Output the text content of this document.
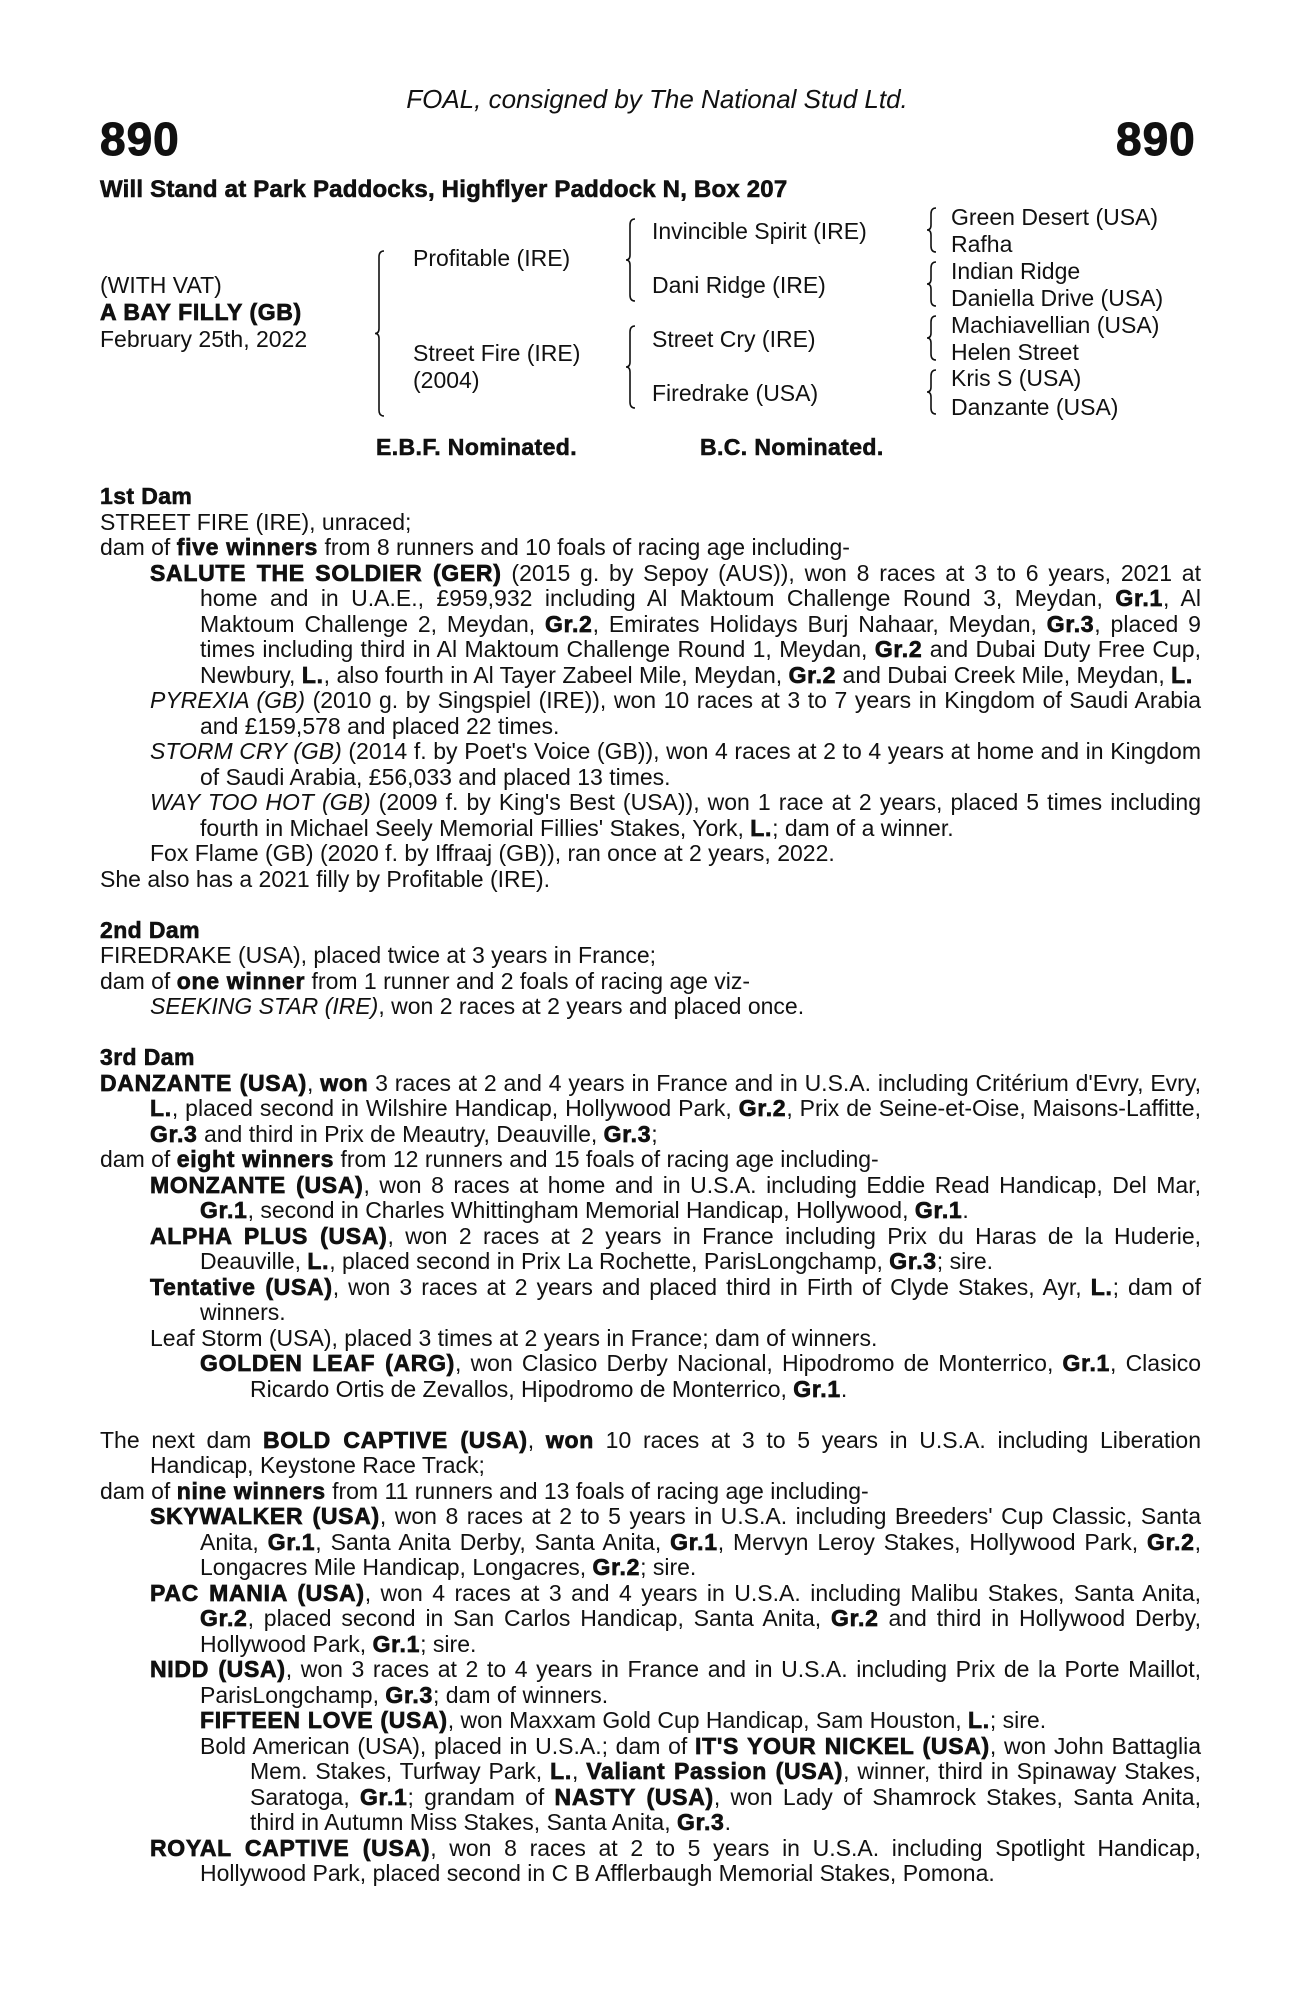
FOAL, consigned by The National Stud Ltd.
890	890
Will Stand at Park Paddocks, Highflyer Paddock N, Box 207
(WITH VAT)
A BAY FILLY (GB)
February 25th, 2022
Profitable (IRE)
Street Fire (IRE)
(2004)
Invincible Spirit (IRE)
Dani Ridge (IRE)
Street Cry (IRE)
Firedrake (USA)
Green Desert (USA)
Rafha
Indian Ridge
Daniella Drive (USA)
Machiavellian (USA)
Helen Street
Kris S (USA)
Danzante (USA)
E.B.F. Nominated.	B.C. Nominated.
1st Dam
STREET FIRE (IRE), unraced;
dam of five winners from 8 runners and 10 foals of racing age including-
SALUTE THE SOLDIER (GER) (2015 g. by Sepoy (AUS)), won 8 races at 3 to 6 years, 2021 at home and in U.A.E., £959,932 including Al Maktoum Challenge Round 3, Meydan, Gr.1, Al Maktoum Challenge 2, Meydan, Gr.2, Emirates Holidays Burj Nahaar, Meydan, Gr.3, placed 9 times including third in Al Maktoum Challenge Round 1, Meydan, Gr.2 and Dubai Duty Free Cup, Newbury, L., also fourth in Al Tayer Zabeel Mile, Meydan, Gr.2 and Dubai Creek Mile, Meydan, L.
PYREXIA (GB) (2010 g. by Singspiel (IRE)), won 10 races at 3 to 7 years in Kingdom of Saudi Arabia and £159,578 and placed 22 times.
STORM CRY (GB) (2014 f. by Poet's Voice (GB)), won 4 races at 2 to 4 years at home and in Kingdom of Saudi Arabia, £56,033 and placed 13 times.
WAY TOO HOT (GB) (2009 f. by King's Best (USA)), won 1 race at 2 years, placed 5 times including fourth in Michael Seely Memorial Fillies' Stakes, York, L.; dam of a winner.
Fox Flame (GB) (2020 f. by Iffraaj (GB)), ran once at 2 years, 2022.
She also has a 2021 filly by Profitable (IRE).
2nd Dam
FIREDRAKE (USA), placed twice at 3 years in France;
dam of one winner from 1 runner and 2 foals of racing age viz-
SEEKING STAR (IRE), won 2 races at 2 years and placed once.
3rd Dam
DANZANTE (USA), won 3 races at 2 and 4 years in France and in U.S.A. including Critérium d'Evry, Evry, L., placed second in Wilshire Handicap, Hollywood Park, Gr.2, Prix de Seine-et-Oise, Maisons-Laffitte, Gr.3 and third in Prix de Meautry, Deauville, Gr.3;
dam of eight winners from 12 runners and 15 foals of racing age including-
MONZANTE (USA), won 8 races at home and in U.S.A. including Eddie Read Handicap, Del Mar, Gr.1, second in Charles Whittingham Memorial Handicap, Hollywood, Gr.1.
ALPHA PLUS (USA), won 2 races at 2 years in France including Prix du Haras de la Huderie, Deauville, L., placed second in Prix La Rochette, ParisLongchamp, Gr.3; sire.
Tentative (USA), won 3 races at 2 years and placed third in Firth of Clyde Stakes, Ayr, L.; dam of winners.
Leaf Storm (USA), placed 3 times at 2 years in France; dam of winners.
GOLDEN LEAF (ARG), won Clasico Derby Nacional, Hipodromo de Monterrico, Gr.1, Clasico Ricardo Ortis de Zevallos, Hipodromo de Monterrico, Gr.1.
The next dam BOLD CAPTIVE (USA), won 10 races at 3 to 5 years in U.S.A. including Liberation Handicap, Keystone Race Track;
dam of nine winners from 11 runners and 13 foals of racing age including-
SKYWALKER (USA), won 8 races at 2 to 5 years in U.S.A. including Breeders' Cup Classic, Santa Anita, Gr.1, Santa Anita Derby, Santa Anita, Gr.1, Mervyn Leroy Stakes, Hollywood Park, Gr.2, Longacres Mile Handicap, Longacres, Gr.2; sire.
PAC MANIA (USA), won 4 races at 3 and 4 years in U.S.A. including Malibu Stakes, Santa Anita, Gr.2, placed second in San Carlos Handicap, Santa Anita, Gr.2 and third in Hollywood Derby, Hollywood Park, Gr.1; sire.
NIDD (USA), won 3 races at 2 to 4 years in France and in U.S.A. including Prix de la Porte Maillot, ParisLongchamp, Gr.3; dam of winners.
FIFTEEN LOVE (USA), won Maxxam Gold Cup Handicap, Sam Houston, L.; sire.
Bold American (USA), placed in U.S.A.; dam of IT'S YOUR NICKEL (USA), won John Battaglia Mem. Stakes, Turfway Park, L., Valiant Passion (USA), winner, third in Spinaway Stakes, Saratoga, Gr.1; grandam of NASTY (USA), won Lady of Shamrock Stakes, Santa Anita, third in Autumn Miss Stakes, Santa Anita, Gr.3.
ROYAL CAPTIVE (USA), won 8 races at 2 to 5 years in U.S.A. including Spotlight Handicap, Hollywood Park, placed second in C B Afflerbaugh Memorial Stakes, Pomona.
